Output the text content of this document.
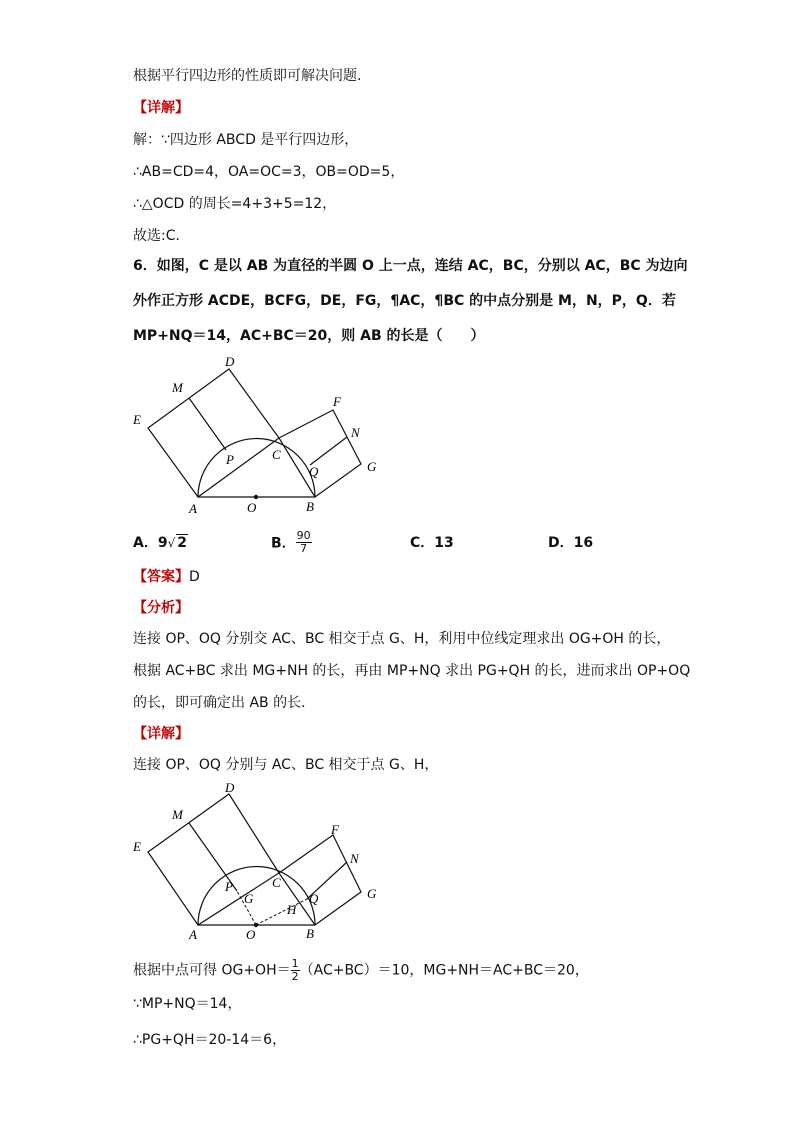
根据平行四边形的性质即可解决问题.
【详解】
解：∵四边形 ABCD 是平行四边形，
∴AB=CD=4，OA=OC=3，OB=OD=5，
∴△OCD 的周长=4+3+5=12，
故选:C．
6．如图，C 是以 AB 为直径的半圆 O 上一点，连结 AC，BC，分别以 AC，BC 为边向
外作正方形 ACDE，BCFG，DE，FG，¶AC，¶BC 的中点分别是 M，N，P，Q．若
MP+NQ＝14，AC+BC＝20，则 AB 的长是（　　）
A	B
C
D
E
F
G
M
N
O
P
Q
A．9√ 2	B． $\frac{90}{7}$	C．13	D．16
【答案】D
【分析】
连接 OP、OQ 分别交 AC、BC 相交于点 G、H，利用中位线定理求出 OG+OH 的长，
根据 AC+BC 求出 MG+NH 的长，再由 MP+NQ 求出 PG+QH 的长，进而求出 OP+OQ
的长，即可确定出 AB 的长．
【详解】
连接 OP、OQ 分别与 AC、BC 相交于点 G、H，
A	B
C
D
E
F
G
G
H
M
N
O
P
Q
根据中点可得 $OG+OH= \frac{1}{2} (AC+BC)=10$，MG+NH＝AC+BC＝20，
∵MP+NQ＝14，
∴PG+QH＝20-14＝6，
